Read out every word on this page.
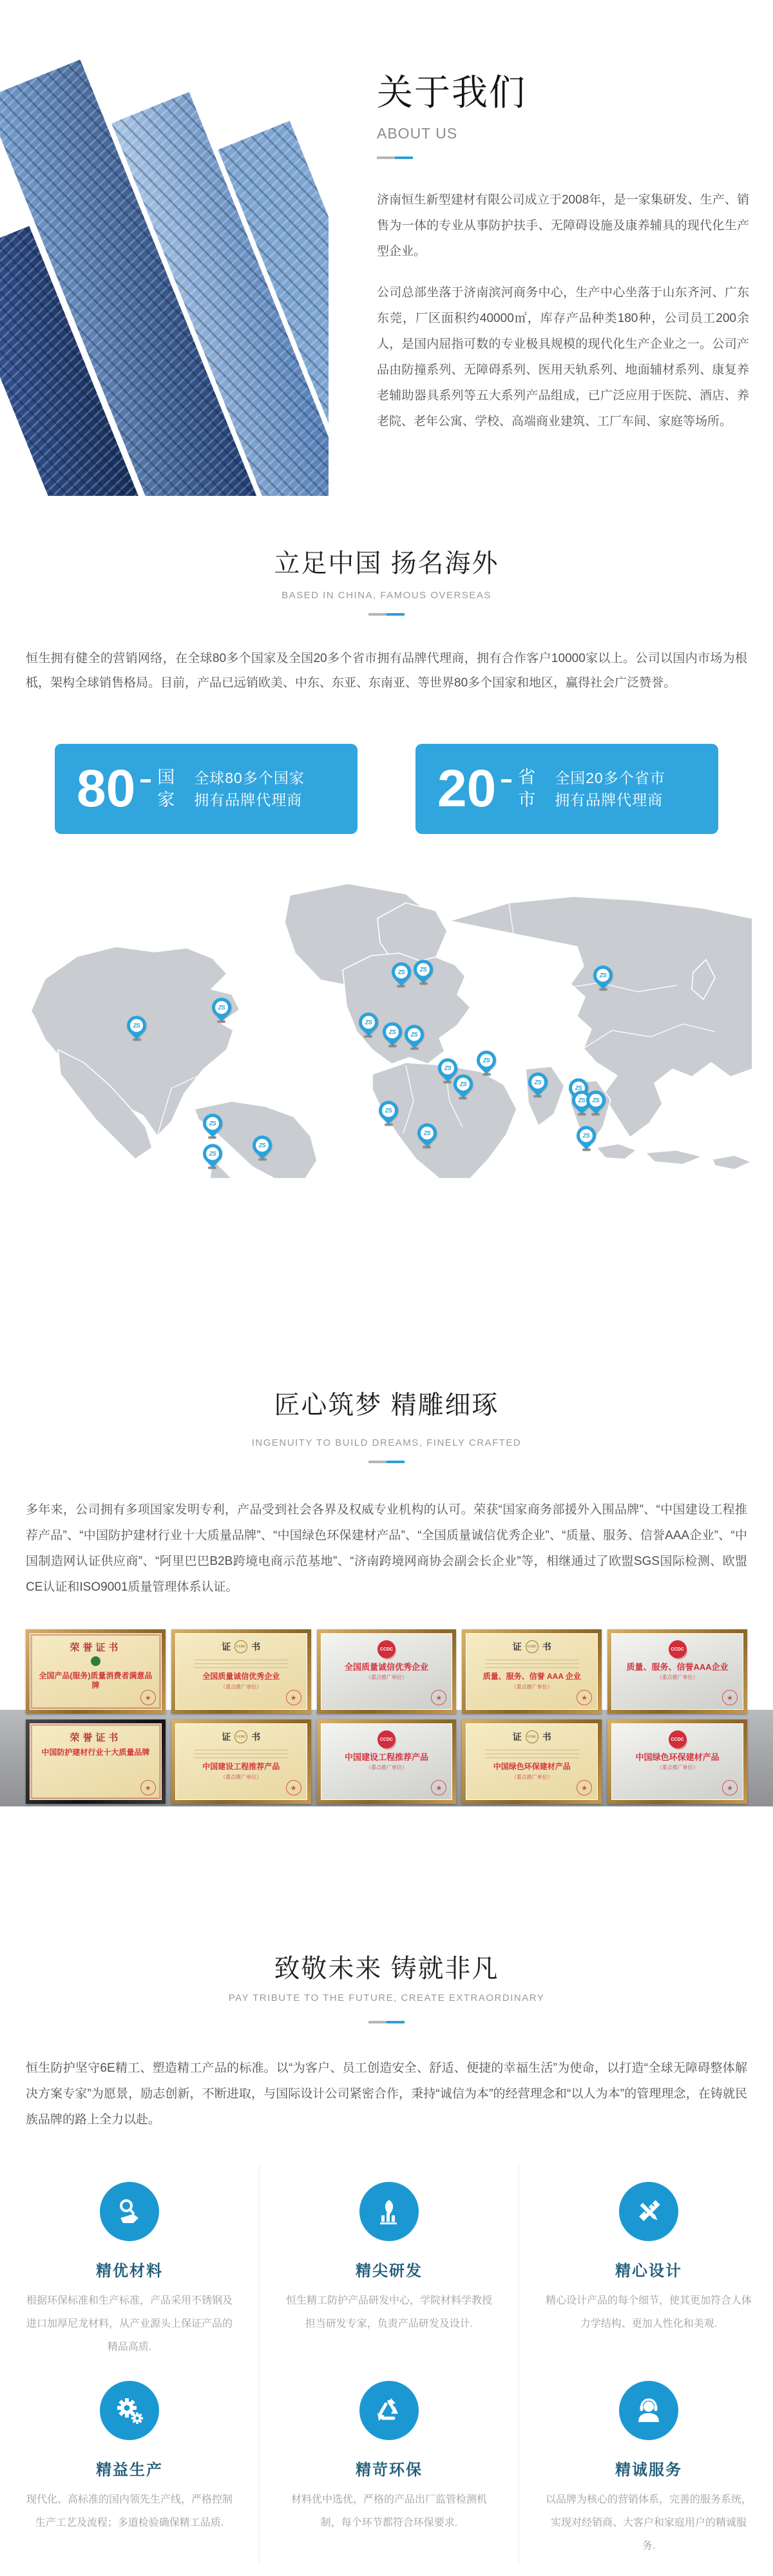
关于我们
ABOUT US
济南恒生新型建材有限公司成立于2008年，是一家集研发、生产、销售为一体的专业从事防护扶手、无障碍设施及康养辅具的现代化生产型企业。
公司总部坐落于济南滨河商务中心，生产中心坐落于山东齐河、广东东莞，厂区面积约40000㎡，库存产品种类180种，公司员工200余人，是国内屈指可数的专业极具规模的现代化生产企业之一。公司产品由防撞系列、无障碍系列、医用天轨系列、地面辅材系列、康复养老辅助器具系列等五大系列产品组成，已广泛应用于医院、酒店、养老院、老年公寓、学校、高端商业建筑、工厂车间、家庭等场所。
立足中国 扬名海外
BASED IN CHINA, FAMOUS OVERSEAS
恒生拥有健全的营销网络，在全球80多个国家及全国20多个省市拥有品牌代理商，拥有合作客户10000家以上。公司以国内市场为根柢，架构全球销售格局。目前，产品已远销欧美、中东、东亚、东南亚、等世界80多个国家和地区，赢得社会广泛赞誉。
80 国家
全球80多个国家
拥有品牌代理商	20 省市
全国20多个省市
拥有品牌代理商
ZS	ZS
ZS
ZS
ZS	ZS
ZS	ZS
ZS
ZS
ZS	ZS
ZS
ZS	ZS
ZS
ZS	ZS
ZS
ZS
ZS
匠心筑梦 精雕细琢
INGENUITY TO BUILD DREAMS, FINELY CRAFTED
多年来，公司拥有多项国家发明专利，产品受到社会各界及权威专业机构的认可。荣获“国家商务部援外入围品牌”、“中国建设工程推荐产品”、“中国防护建材行业十大质量品牌”、“中国绿色环保建材产品”、“全国质量诚信优秀企业”、“质量、服务、信誉AAA企业”、“中国制造网认证供应商”、“阿里巴巴B2B跨境电商示范基地”、“济南跨境网商协会副会长企业”等，相继通过了欧盟SGS国际检测、欧盟CE认证和ISO9001质量管理体系认证。
荣誉证书
全国产品(服务)质量消费者满意品牌
★
证	CCDC 书
全国质量诚信优秀企业
（重点推广单位）
★
CCDC
全国质量诚信优秀企业
（重点推广单位）
★
证	CCDC 书
质量、服务、信誉 AAA 企业
（重点推广单位）
★
CCDC
质量、服务、信誉AAA企业
（重点推广单位）
★
荣誉证书
中国防护建材行业十大质量品牌
★
证	CCDC 书
中国建设工程推荐产品
（重点推广单位）
★
CCDC
中国建设工程推荐产品
（重点推广单位）
★
证	CCDC 书
中国绿色环保建材产品
（重点推广单位）
★
CCDC
中国绿色环保建材产品
（重点推广单位）
★
致敬未来 铸就非凡
PAY TRIBUTE TO THE FUTURE, CREATE EXTRAORDINARY
恒生防护坚守6E精工、塑造精工产品的标准。以“为客户、员工创造安全、舒适、便捷的幸福生活”为使命，以打造“全球无障碍整体解决方案专家”为愿景，励志创新，不断进取，与国际设计公司紧密合作，秉持“诚信为本”的经营理念和“以人为本”的管理理念，在铸就民族品牌的路上全力以赴。
精优材料
根据环保标准和生产标准，产品采用不锈钢及进口加厚尼龙材料，从产业源头上保证产品的精品高质.
精尖研发
恒生精工防护产品研发中心，学院材料学教授担当研发专家，负责产品研发及设计.
精心设计
精心设计产品的每个细节，使其更加符合人体力学结构、更加人性化和美观.
精益生产
现代化、高标准的国内领先生产线，严格控制生产工艺及流程；多道检验确保精工品质.
精苛环保
材料优中选优，严格的产品出厂监管检测机制，每个环节都符合环保要求.
精诚服务
以品牌为核心的营销体系，完善的服务系统，实现对经销商、大客户和家庭用户的精诚服务.
